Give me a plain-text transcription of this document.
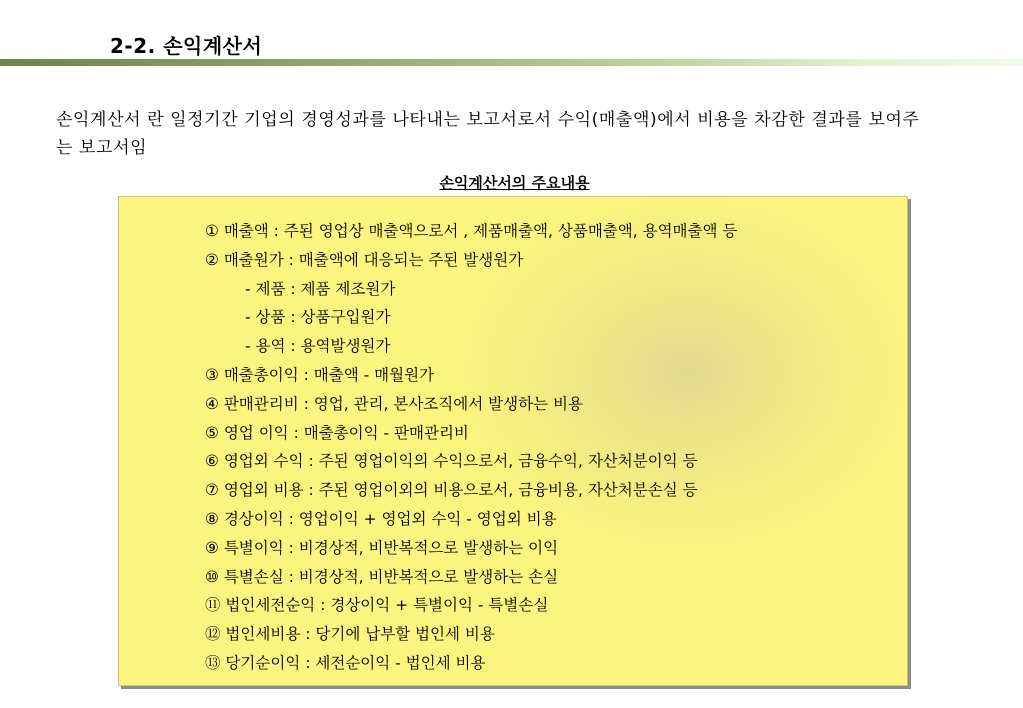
2-2. 손익계산서

손익계산서 란 일정기간 기업의 경영성과를 나타내는 보고서로서 수익(매출액)에서 비용을 차감한 결과를 보여주는 보고서임

손익계산서의 주요내용
① 매출액 : 주된 영업상 매출액으로서 , 제품매출액, 상품매출액, 용역매출액 등
② 매출원가 : 매출액에 대응되는 주된 발생원가
- 제품 : 제품 제조원가
- 상품 : 상품구입원가
- 용역 : 용역발생원가
③ 매출총이익 : 매출액 - 매월원가
④ 판매관리비 : 영업, 관리, 본사조직에서 발생하는 비용
⑤ 영업 이익 : 매출총이익 - 판매관리비
⑥ 영업외 수익 : 주된 영업이익의 수익으로서, 금융수익, 자산처분이익 등
⑦ 영업외 비용 : 주된 영업이외의 비용으로서, 금융비용, 자산처분손실 등
⑧ 경상이익 : 영업이익 + 영업외 수익 - 영업외 비용
⑨ 특별이익 : 비경상적, 비반복적으로 발생하는 이익
⑩ 특별손실 : 비경상적, 비반복적으로 발생하는 손실
⑪ 법인세전순익 : 경상이익 + 특별이익 - 특별손실
⑫ 법인세비용 : 당기에 납부할 법인세 비용
⑬ 당기순이익 : 세전순이익 - 법인세 비용
